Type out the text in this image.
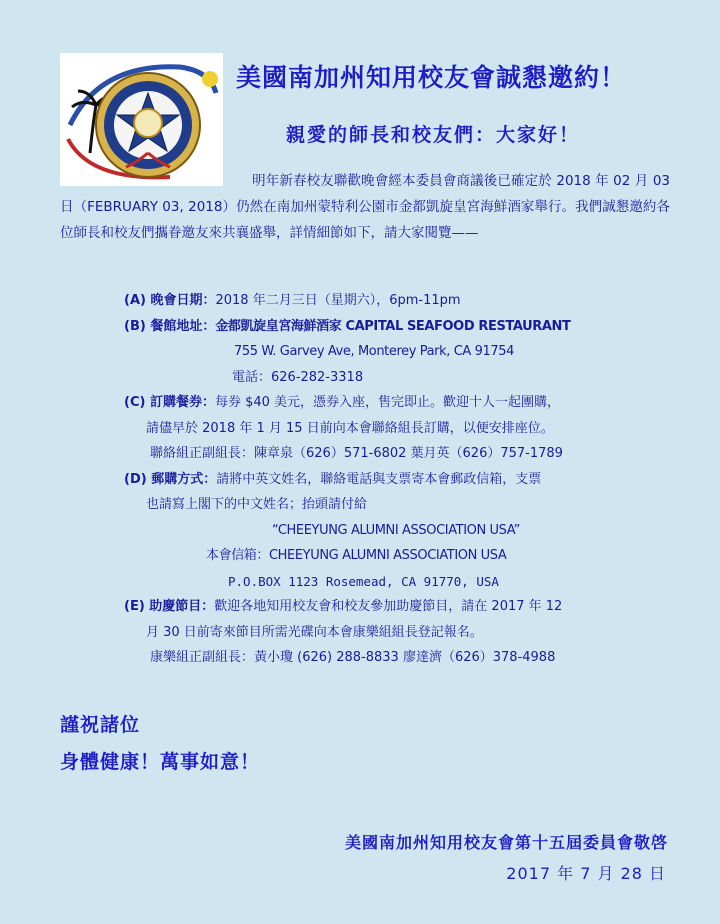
美國南加州知用校友會誠懇邀約！
親愛的師長和校友們：大家好！
明年新春校友聯歡晚會經本委員會商議後已確定於 2018 年 02 月 03 日（FEBRUARY 03, 2018）仍然在南加州蒙特利公園市金都凱旋皇宮海鮮酒家舉行。我們誠懇邀約各位師長和校友們攜眷邀友來共襄盛舉，詳情細節如下，請大家閱覽——
(A) 晚會日期：2018 年二月三日（星期六），6pm-11pm
(B) 餐館地址：金都凱旋皇宮海鮮酒家 CAPITAL SEAFOOD RESTAURANT
755 W. Garvey Ave, Monterey Park, CA 91754
電話：626-282-3318
(C) 訂購餐券：每券 $40 美元，憑券入座，售完即止。歡迎十人一起團購，
請儘早於 2018 年 1 月 15 日前向本會聯絡組長訂購，以便安排座位。
聯絡組正副組長：陳章泉（626）571-6802 葉月英（626）757-1789
(D) 郵購方式：請將中英文姓名，聯絡電話與支票寄本會郵政信箱，支票
也請寫上閣下的中文姓名；抬頭請付給
“CHEEYUNG ALUMNI ASSOCIATION USA”
本會信箱：CHEEYUNG ALUMNI ASSOCIATION USA
P.O.BOX 1123 Rosemead, CA 91770, USA
(E) 助慶節目：歡迎各地知用校友會和校友參加助慶節目，請在 2017 年 12
月 30 日前寄來節目所需光碟向本會康樂組組長登記報名。
康樂組正副組長：黃小瓊 (626) 288-8833 廖達濟（626）378-4988
謹祝諸位
身體健康！萬事如意！
美國南加州知用校友會第十五屆委員會敬啓
2017 年 7 月 28 日
